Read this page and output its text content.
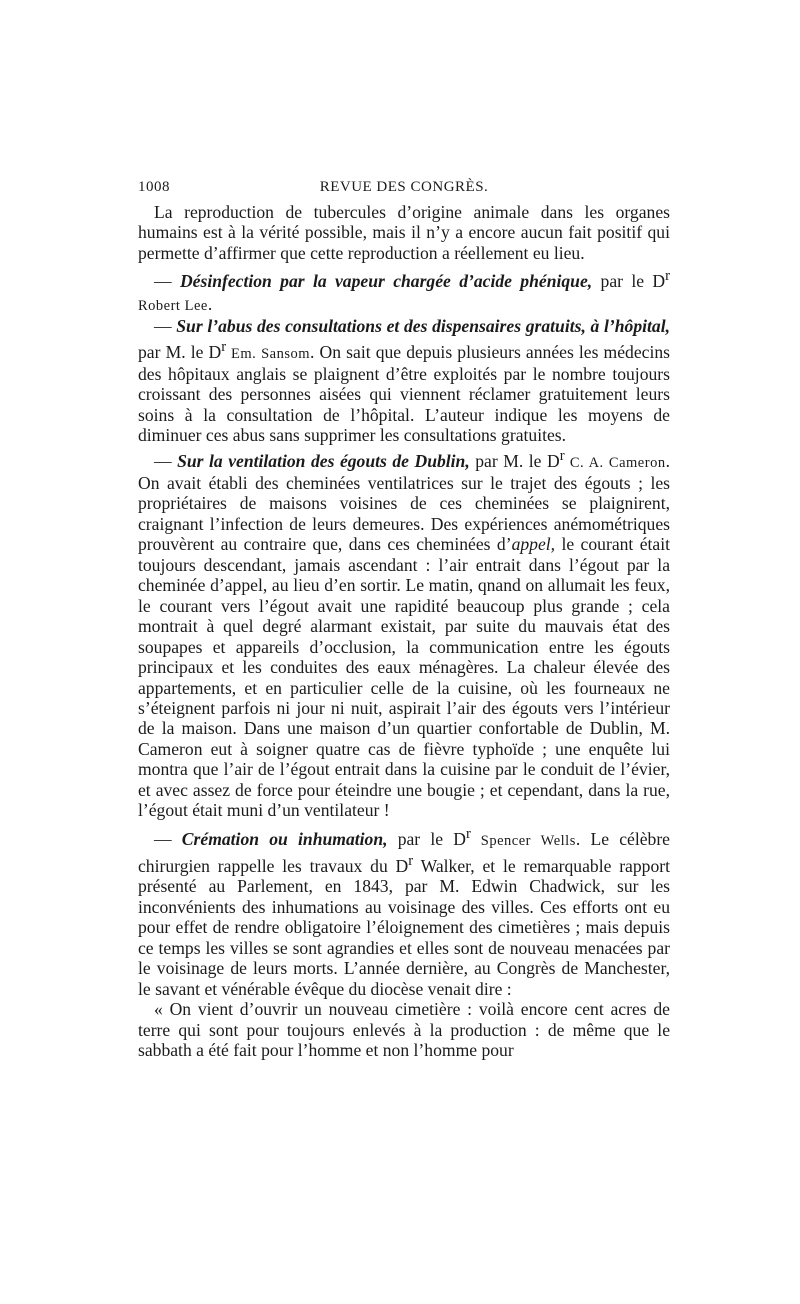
1008	REVUE DES CONGRÈS.

La reproduction de tubercules d’origine animale dans les organes humains est à la vérité possible, mais il n’y a encore aucun fait positif qui permette d’affirmer que cette reproduction a réellement eu lieu.

— Désinfection par la vapeur chargée d’acide phénique, par le $D^r$ Robert Lee.

— Sur l’abus des consultations et des dispensaires gratuits, à l’hôpital, par M. le $D^r$ Em. Sansom. On sait que depuis plusieurs années les médecins des hôpitaux anglais se plaignent d’être exploités par le nombre toujours croissant des personnes aisées qui viennent réclamer gratuitement leurs soins à la consultation de l’hôpital. L’auteur indique les moyens de diminuer ces abus sans supprimer les consultations gratuites.

— Sur la ventilation des égouts de Dublin, par M. le $D^r$ C. A. Cameron. On avait établi des cheminées ventilatrices sur le trajet des égouts ; les propriétaires de maisons voisines de ces cheminées se plaignirent, craignant l’infection de leurs demeures. Des expériences anémométriques prouvèrent au contraire que, dans ces cheminées d’appel, le courant était toujours descendant, jamais ascendant : l’air entrait dans l’égout par la cheminée d’appel, au lieu d’en sortir. Le matin, qnand on allumait les feux, le courant vers l’égout avait une rapidité beaucoup plus grande ; cela montrait à quel degré alarmant existait, par suite du mauvais état des soupapes et appareils d’occlusion, la communication entre les égouts principaux et les conduites des eaux ménagères. La chaleur élevée des appartements, et en particulier celle de la cuisine, où les fourneaux ne s’éteignent parfois ni jour ni nuit, aspirait l’air des égouts vers l’intérieur de la maison. Dans une maison d’un quartier confortable de Dublin, M. Cameron eut à soigner quatre cas de fièvre typhoïde ; une enquête lui montra que l’air de l’égout entrait dans la cuisine par le conduit de l’évier, et avec assez de force pour éteindre une bougie ; et cependant, dans la rue, l’égout était muni d’un ventilateur !

— Crémation ou inhumation, par le $D^r$ Spencer Wells. Le célèbre chirurgien rappelle les travaux du $D^r$ Walker, et le remarquable rapport présenté au Parlement, en 1843, par M. Edwin Chadwick, sur les inconvénients des inhumations au voisinage des villes. Ces efforts ont eu pour effet de rendre obligatoire l’éloignement des cimetières ; mais depuis ce temps les villes se sont agrandies et elles sont de nouveau menacées par le voisinage de leurs morts. L’année dernière, au Congrès de Manchester, le savant et vénérable évêque du diocèse venait dire :

« On vient d’ouvrir un nouveau cimetière : voilà encore cent acres de terre qui sont pour toujours enlevés à la production : de même que le sabbath a été fait pour l’homme et non l’homme pour
